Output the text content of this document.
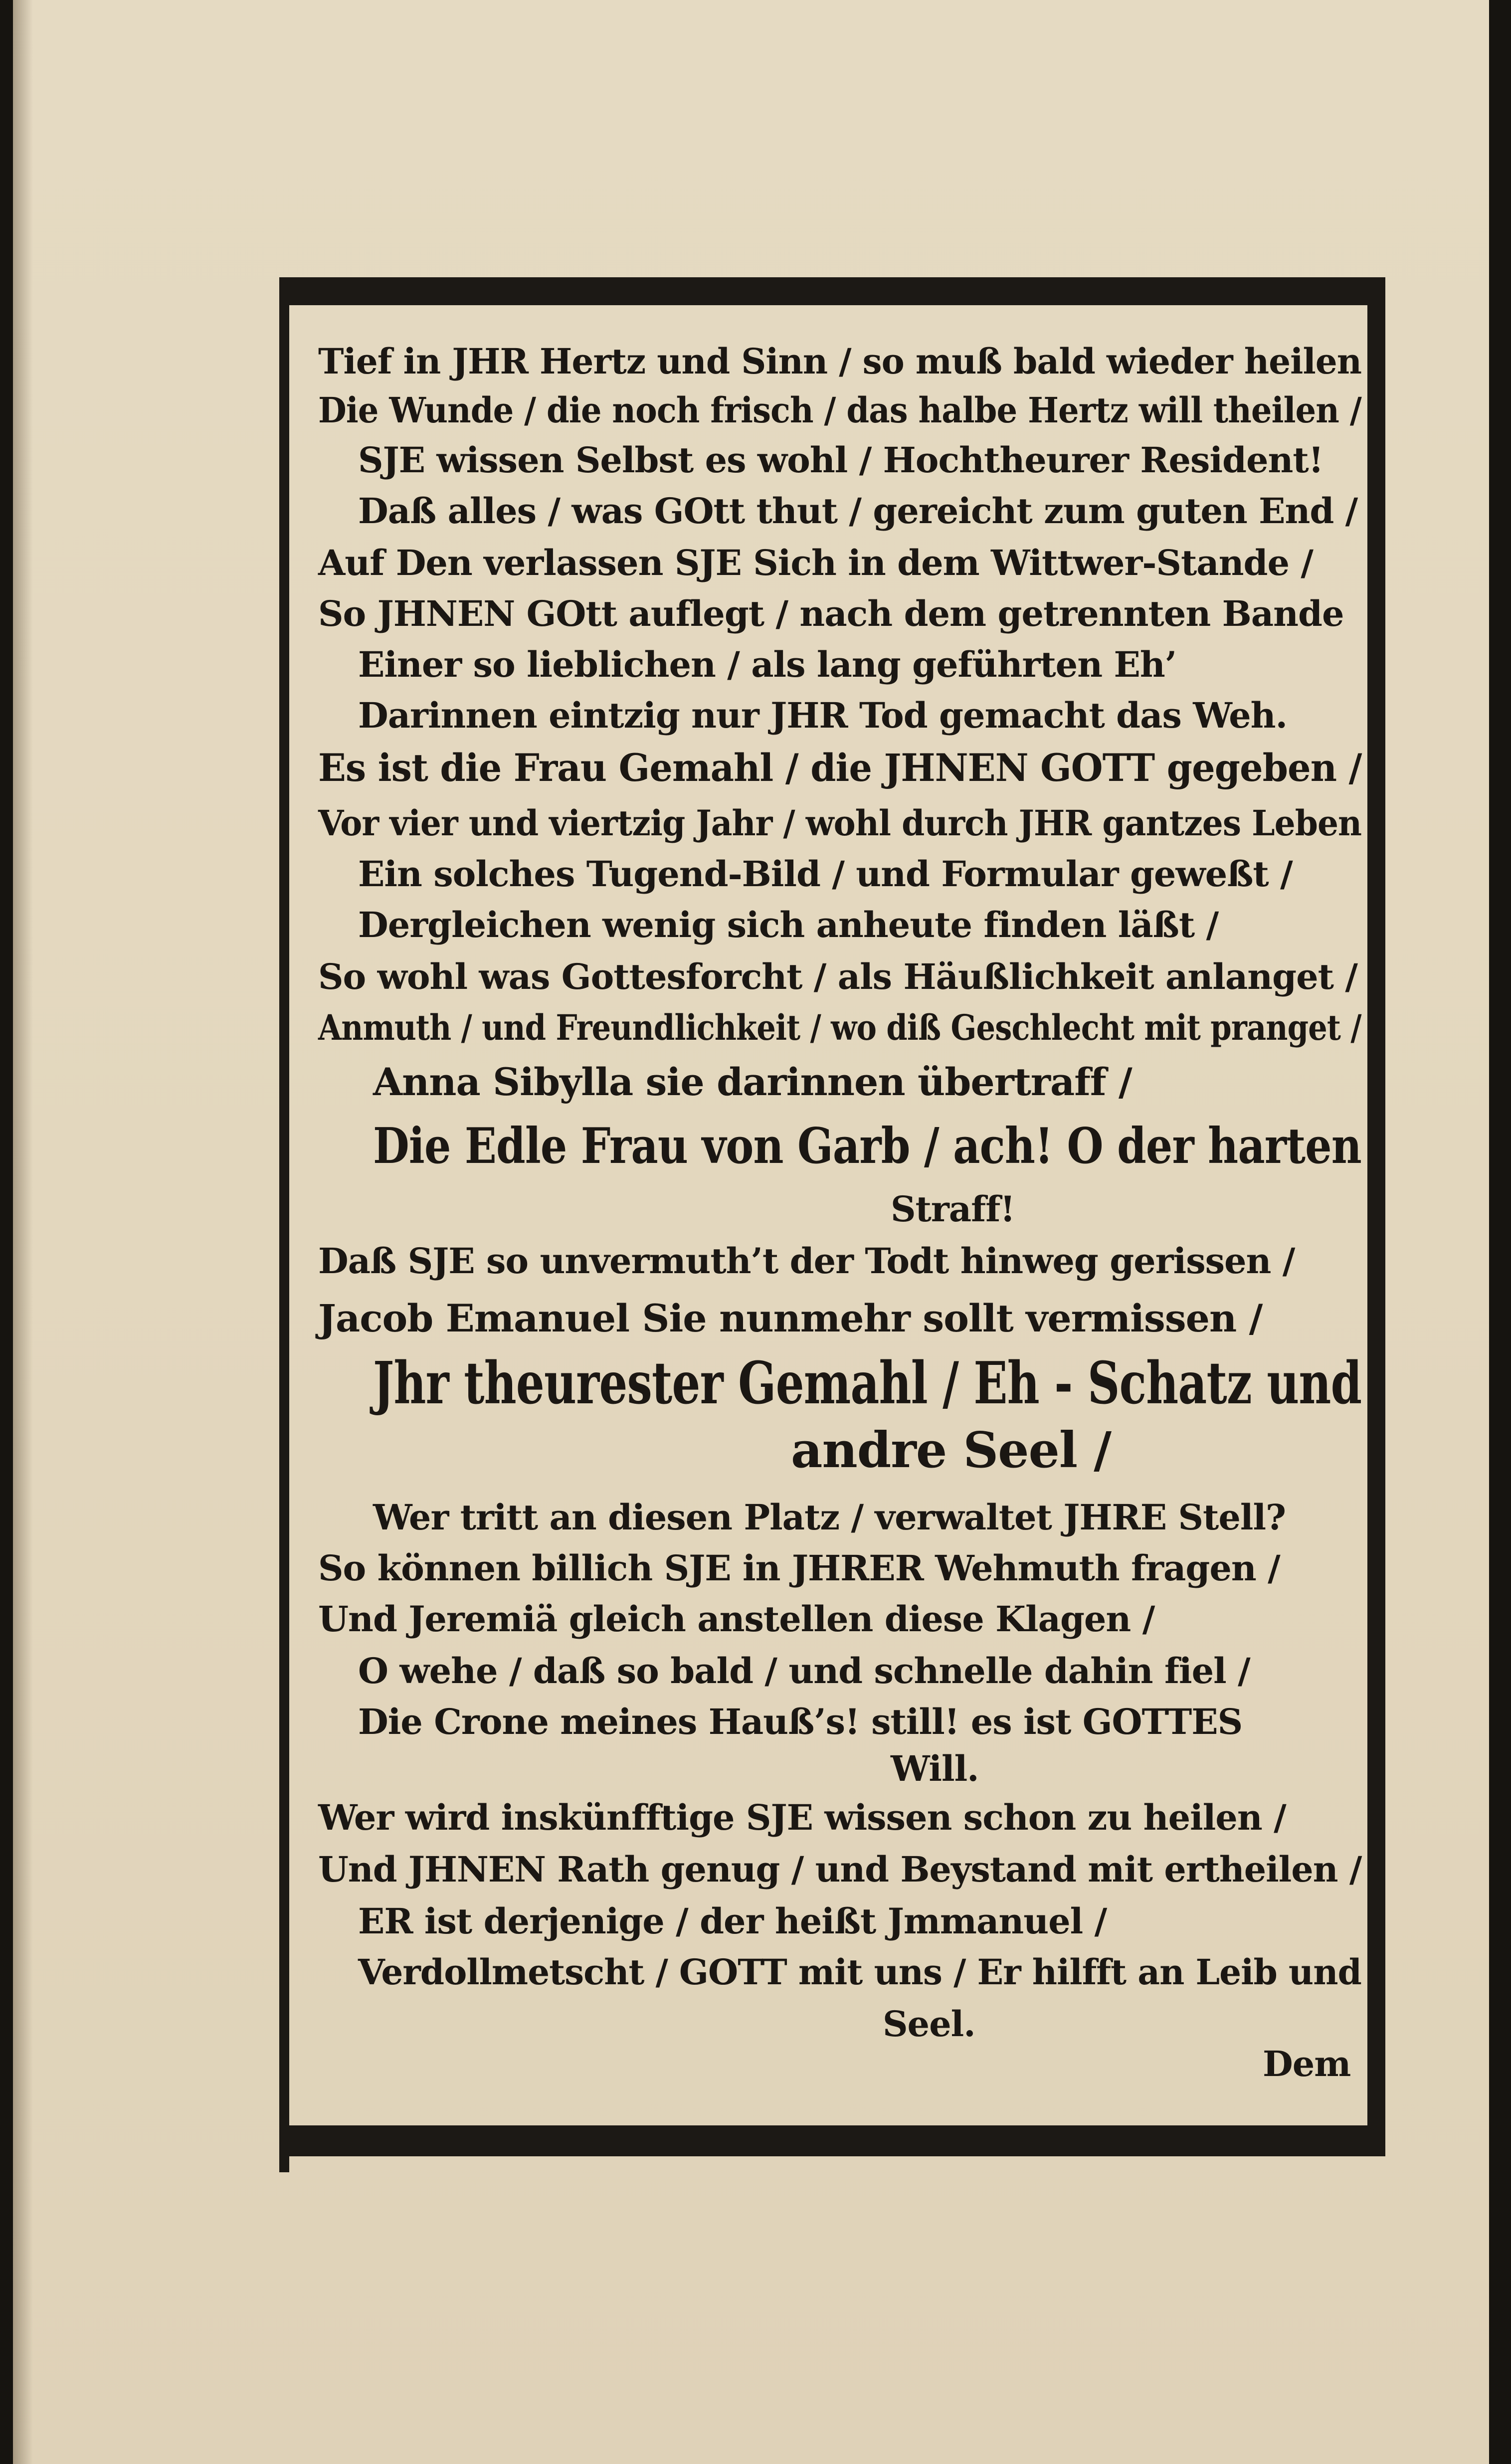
Tief in JHR Hertz und Sinn / so muß bald wieder heilen
Die Wunde / die noch frisch / das halbe Hertz will theilen /
SJE wissen Selbst es wohl / Hochtheurer Resident!
Daß alles / was GOtt thut / gereicht zum guten End /
Auf Den verlassen SJE Sich in dem Wittwer-Stande /
So JHNEN GOtt auflegt / nach dem getrennten Bande
Einer so lieblichen / als lang geführten Eh’
Darinnen eintzig nur JHR Tod gemacht das Weh.
Es ist die Frau Gemahl / die JHNEN GOTT gegeben /
Vor vier und viertzig Jahr / wohl durch JHR gantzes Leben
Ein solches Tugend-Bild / und Formular geweßt /
Dergleichen wenig sich anheute finden läßt /
So wohl was Gottesforcht / als Häußlichkeit anlanget /
Anmuth / und Freundlichkeit / wo diß Geschlecht mit pranget /
Anna Sibylla sie darinnen übertraff /
Die Edle Frau von Garb / ach! O der harten
Straff!
Daß SJE so unvermuth’t der Todt hinweg gerissen /
Jacob Emanuel Sie nunmehr sollt vermissen /
Jhr theurester Gemahl / Eh - Schatz und
andre Seel /
Wer tritt an diesen Platz / verwaltet JHRE Stell?
So können billich SJE in JHRER Wehmuth fragen /
Und Jeremiä gleich anstellen diese Klagen /
O wehe / daß so bald / und schnelle dahin fiel /
Die Crone meines Hauß’s! still! es ist GOTTES
Will.
Wer wird inskünfftige SJE wissen schon zu heilen /
Und JHNEN Rath genug / und Beystand mit ertheilen /
ER ist derjenige / der heißt Jmmanuel /
Verdollmetscht / GOTT mit uns / Er hilfft an Leib und
Seel.
Dem
